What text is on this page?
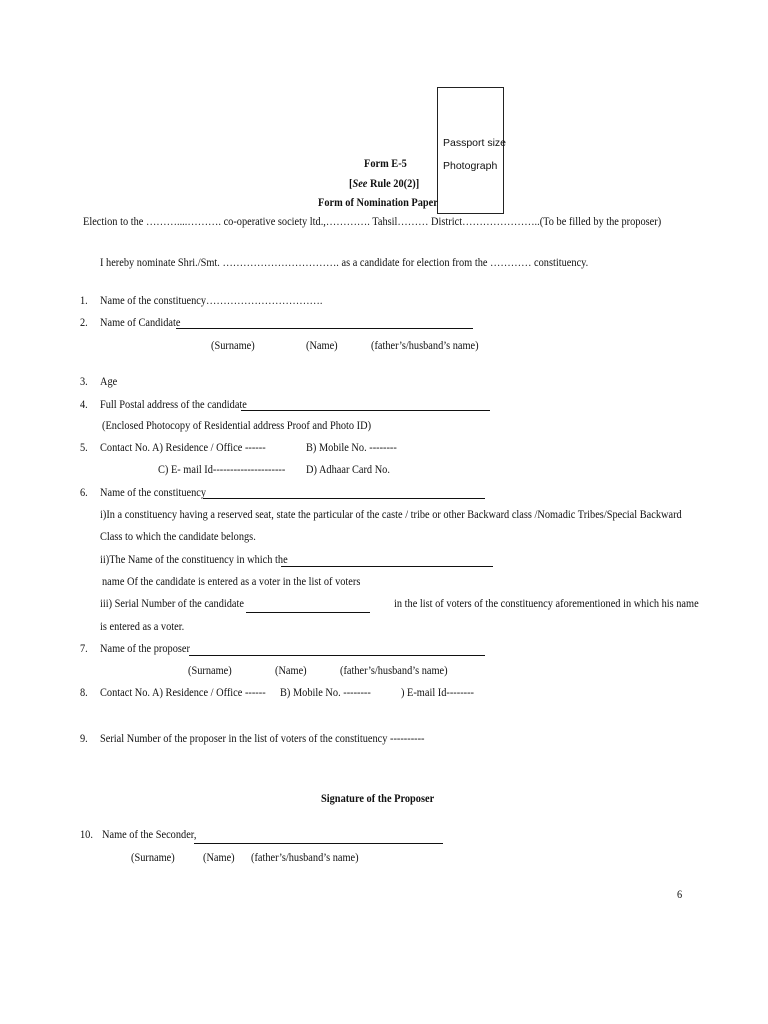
Passport size
Photograph
Form E-5
[See Rule 20(2)]
Form of Nomination Paper
Election to the ………....………. co-operative society ltd.,…………. Tahsil……… District…………………..(To be filled by the proposer)
I hereby nominate Shri./Smt. ……………………………. as a candidate for election from the ………… constituency.
1. Name of the constituency…………………………….
2. Name of Candidate
(Surname)	(Name)	(father’s/husband’s name)
3. Age
4. Full Postal address of the candidate
(Enclosed Photocopy of Residential address Proof and Photo ID)
5. Contact No. A) Residence / Office ------	B) Mobile No. --------
C) E- mail Id--------------------- D) Adhaar Card No.
6. Name of the constituency
i)In a constituency having a reserved seat, state the particular of the caste / tribe or other Backward class /Nomadic Tribes/Special Backward
Class to which the candidate belongs.
ii)The Name of the constituency in which the
name Of the candidate is entered as a voter in the list of voters
iii) Serial Number of the candidate	in the list of voters of the constituency aforementioned in which his name
is entered as a voter.
7. Name of the proposer
(Surname)	(Name)	(father’s/husband’s name)
8. Contact No. A) Residence / Office ------ B) Mobile No. --------	) E-mail Id--------
9. Serial Number of the proposer in the list of voters of the constituency ----------
Signature of the Proposer
10. Name of the Seconder,
(Surname) (Name) (father’s/husband’s name)
6
